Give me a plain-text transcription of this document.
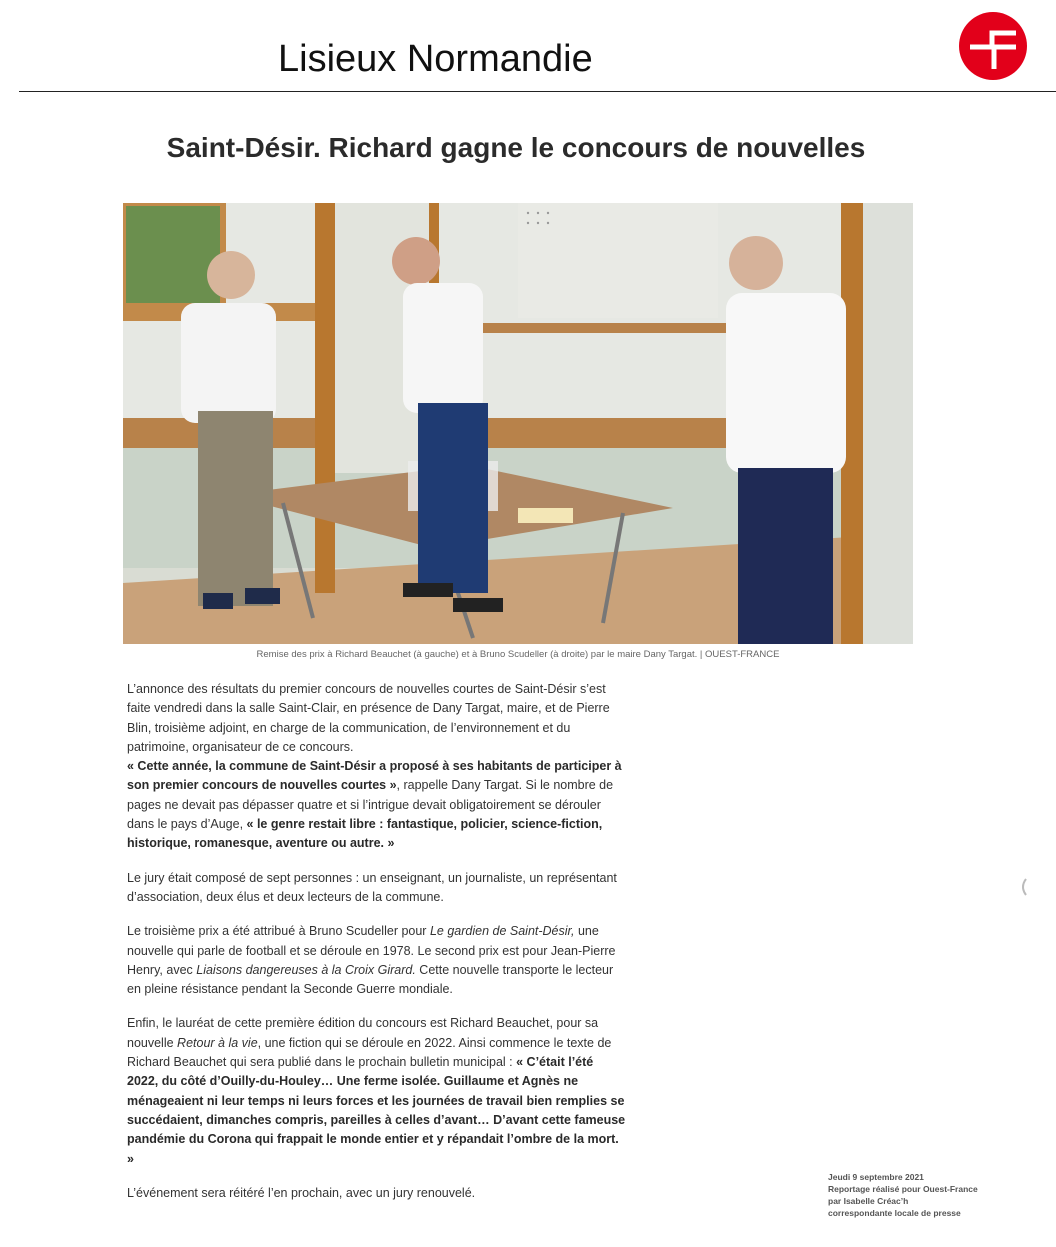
Lisieux Normandie
Saint-Désir. Richard gagne le concours de nouvelles
Remise des prix à Richard Beauchet (à gauche) et à Bruno Scudeller (à droite) par le maire Dany Targat. | OUEST-FRANCE

L’annonce des résultats du premier concours de nouvelles courtes de Saint-Désir s’est faite vendredi dans la salle Saint-Clair, en présence de Dany Targat, maire, et de Pierre Blin, troisième adjoint, en charge de la communication, de l’environnement et du patrimoine, organisateur de ce concours.
« Cette année, la commune de Saint-Désir a proposé à ses habitants de participer à son premier concours de nouvelles courtes », rappelle Dany Targat. Si le nombre de pages ne devait pas dépasser quatre et si l’intrigue devait obligatoirement se dérouler dans le pays d’Auge, « le genre restait libre : fantastique, policier, science-fiction, historique, romanesque, aventure ou autre. »

Le jury était composé de sept personnes : un enseignant, un journaliste, un représentant d’association, deux élus et deux lecteurs de la commune.

Le troisième prix a été attribué à Bruno Scudeller pour Le gardien de Saint-Désir, une nouvelle qui parle de football et se déroule en 1978. Le second prix est pour Jean-Pierre Henry, avec Liaisons dangereuses à la Croix Girard. Cette nouvelle transporte le lecteur en pleine résistance pendant la Seconde Guerre mondiale.

Enfin, le lauréat de cette première édition du concours est Richard Beauchet, pour sa nouvelle Retour à la vie, une fiction qui se déroule en 2022. Ainsi commence le texte de Richard Beauchet qui sera publié dans le prochain bulletin municipal : « C’était l’été 2022, du côté d’Ouilly-du-Houley… Une ferme isolée. Guillaume et Agnès ne ménageaient ni leur temps ni leurs forces et les journées de travail bien remplies se succédaient, dimanches compris, pareilles à celles d’avant… D’avant cette fameuse pandémie du Corona qui frappait le monde entier et y répandait l’ombre de la mort. »

L’événement sera réitéré l’en prochain, avec un jury renouvelé.

Jeudi 9 septembre 2021
Reportage réalisé pour Ouest-France
par Isabelle Créac’h
correspondante locale de presse
